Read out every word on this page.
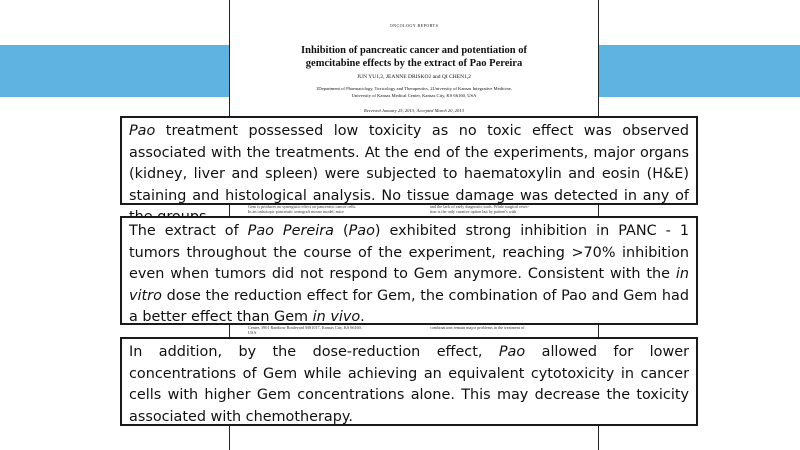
ONCOLOGY REPORTS
Inhibition of pancreatic cancer and potentiation of
gemcitabine effects by the extract of Pao Pereira
JUN YU1,2, JEANNE DRISKO2 and QI CHEN1,2
1Department of Pharmacology, Toxicology and Therapeutics, 2University of Kansas Integrative Medicine,
University of Kansas Medical Center, Kansas City, KS 66160, USA
Received January 25, 2013; Accepted March 20, 2013
In an orthotopic pancreatic xenograft mouse model, mice	tion is the only curative option but by patient's with
USA
combinations remain major problems in the treatment of
Pao treatment possessed low toxicity as no toxic effect was observed associated with the treatments. At the end of the experiments, major organs (kidney, liver and spleen) were subjected to haematoxylin and eosin (H&E) staining and histological analysis. No tissue damage was detected in any of
The extract of Pao Pereira (Pao) exhibited strong inhibition in PANC - 1 tumors throughout the course of the experiment, reaching >70% inhibition even when tumors did not respond to Gem anymore. Consistent with the in vitro dose the reduction effect for Gem, the combination of Pao and Gem had a better effect than Gem in vivo.
In addition, by the dose-reduction effect, Pao allowed for lower concentrations of Gem while achieving an equivalent cytotoxicity in cancer cells with higher Gem concentrations alone. This may decrease the toxicity associated with chemotherapy.
